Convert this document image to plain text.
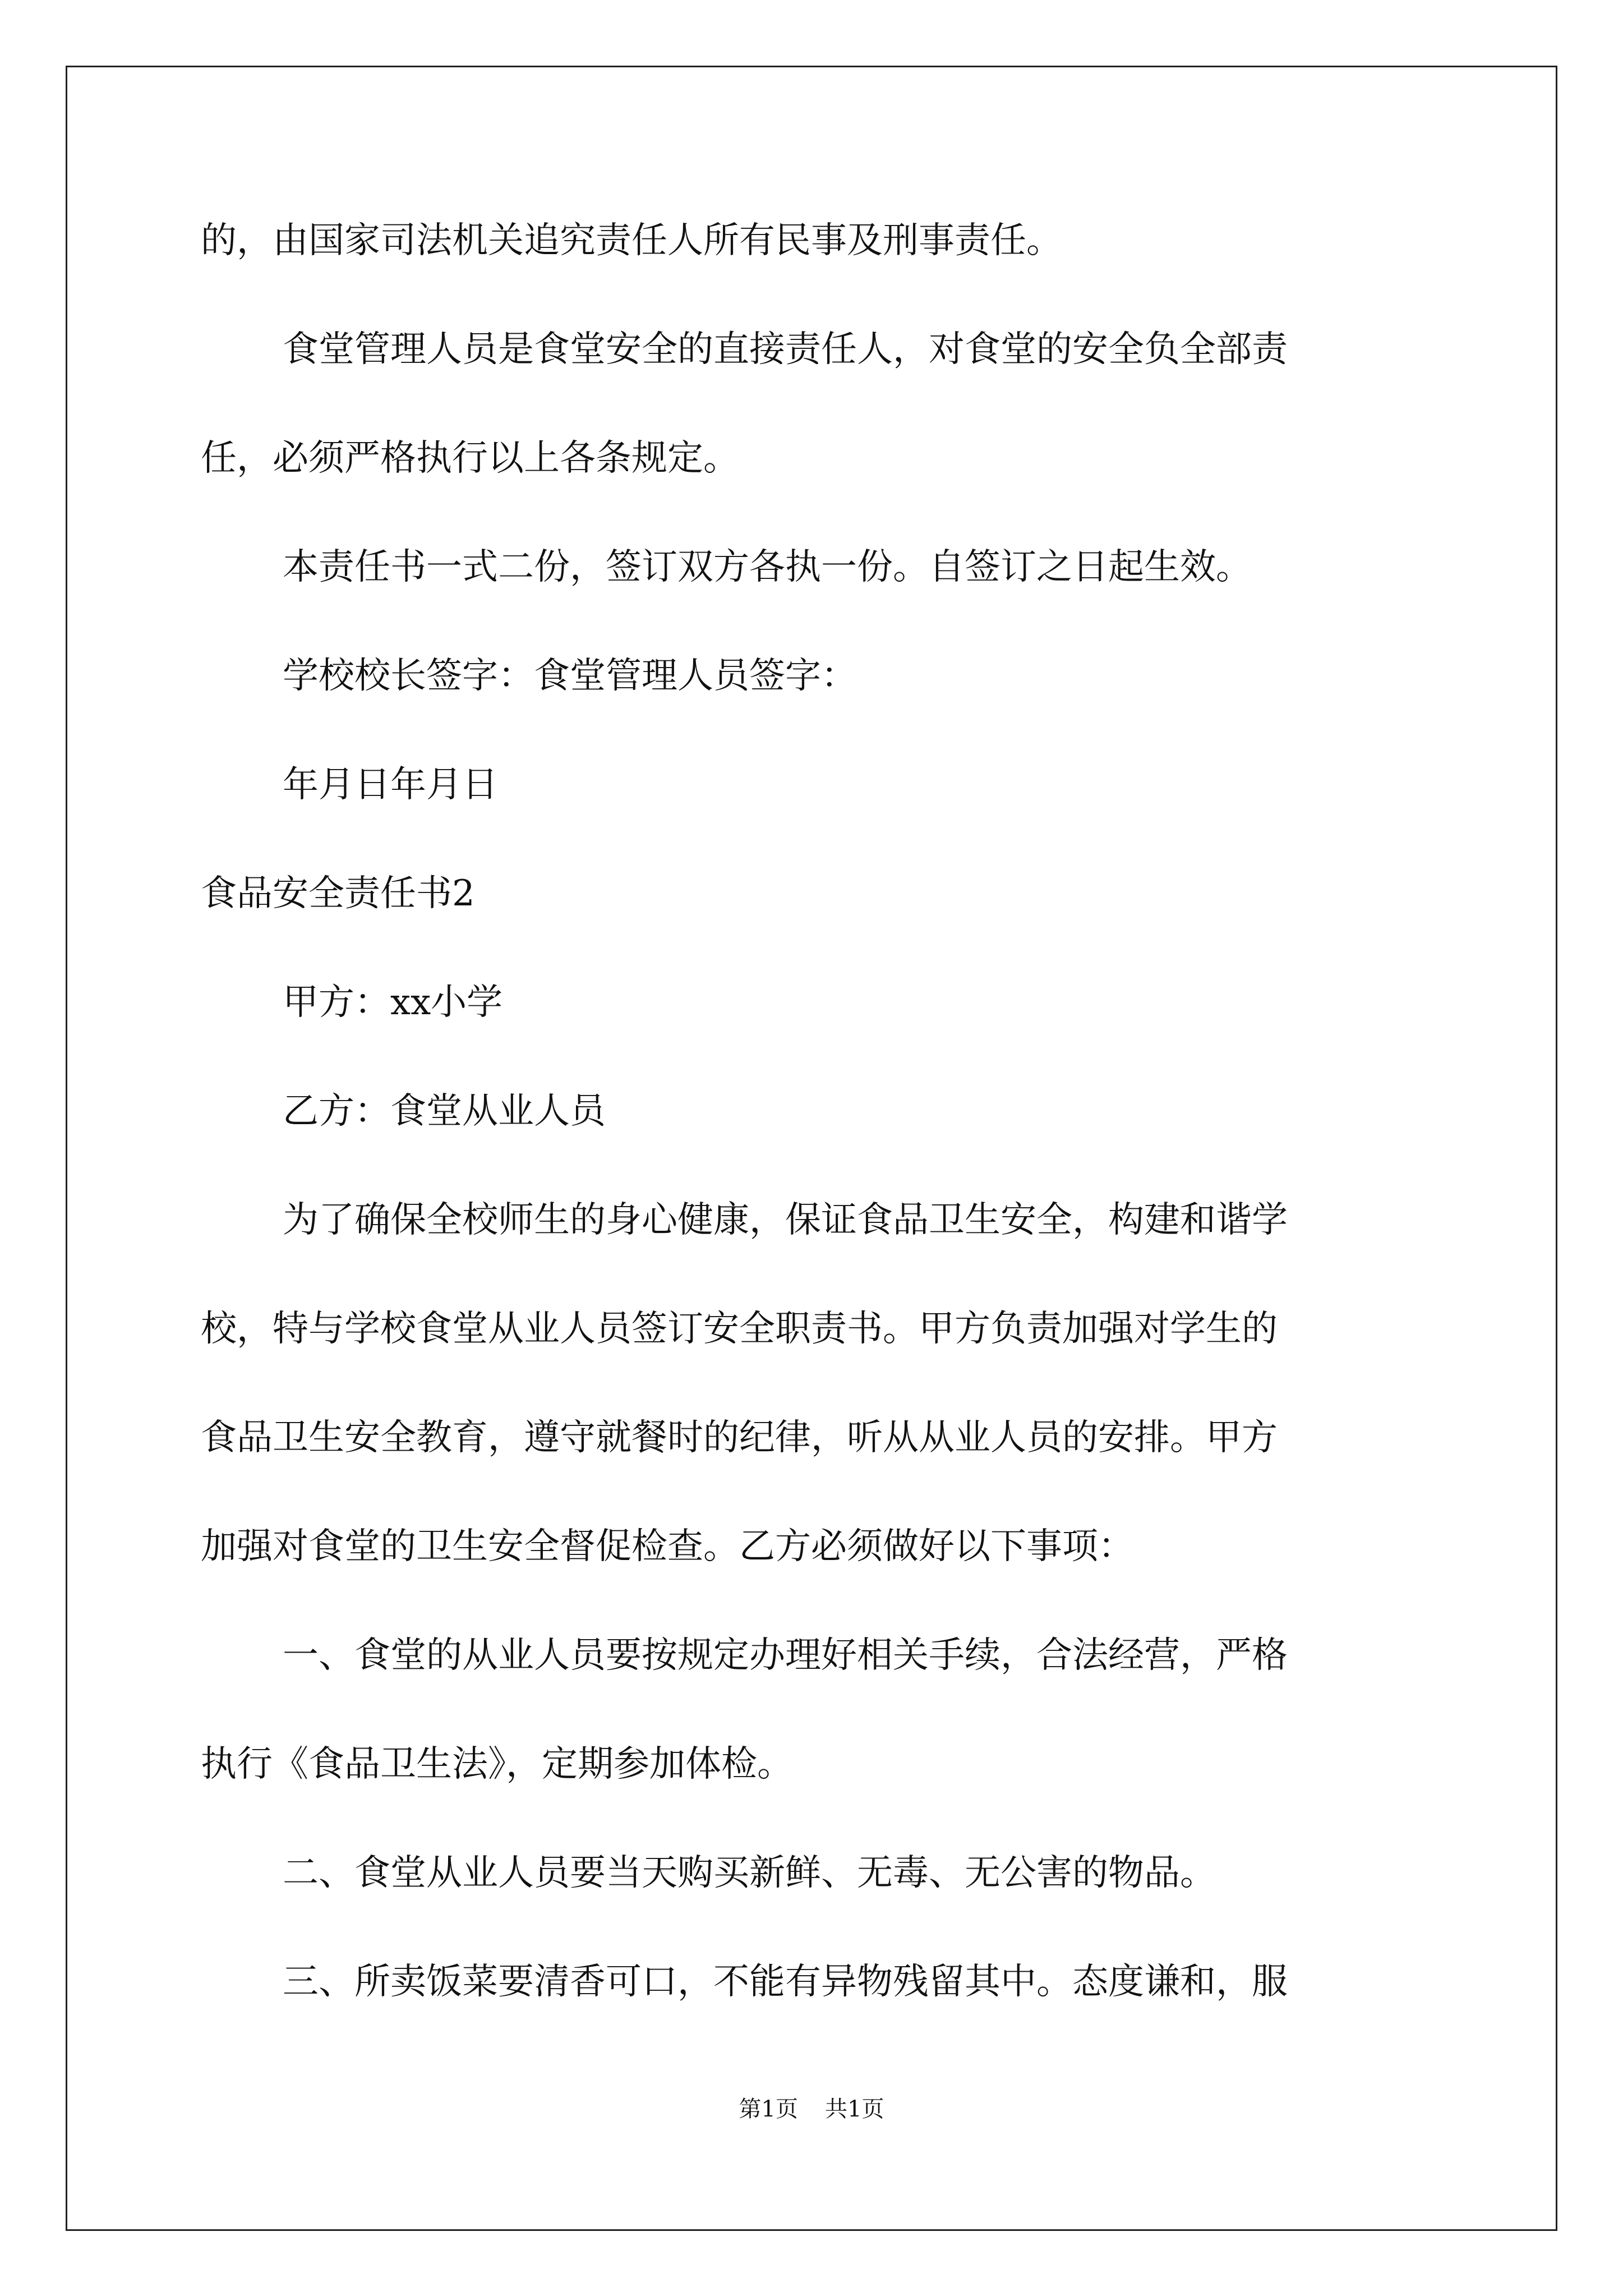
的，由国家司法机关追究责任人所有民事及刑事责任。
食堂管理人员是食堂安全的直接责任人，对食堂的安全负全部责
任，必须严格执行以上各条规定。
本责任书一式二份，签订双方各执一份。自签订之日起生效。
学校校长签字：食堂管理人员签字：
年月日年月日
食品安全责任书2
甲方：xx小学
乙方：食堂从业人员
为了确保全校师生的身心健康，保证食品卫生安全，构建和谐学
校，特与学校食堂从业人员签订安全职责书。甲方负责加强对学生的
食品卫生安全教育，遵守就餐时的纪律，听从从业人员的安排。甲方
加强对食堂的卫生安全督促检查。乙方必须做好以下事项：
一、食堂的从业人员要按规定办理好相关手续，合法经营，严格
执行《食品卫生法》，定期参加体检。
二、食堂从业人员要当天购买新鲜、无毒、无公害的物品。
三、所卖饭菜要清香可口，不能有异物残留其中。态度谦和，服
第1页 共1页
